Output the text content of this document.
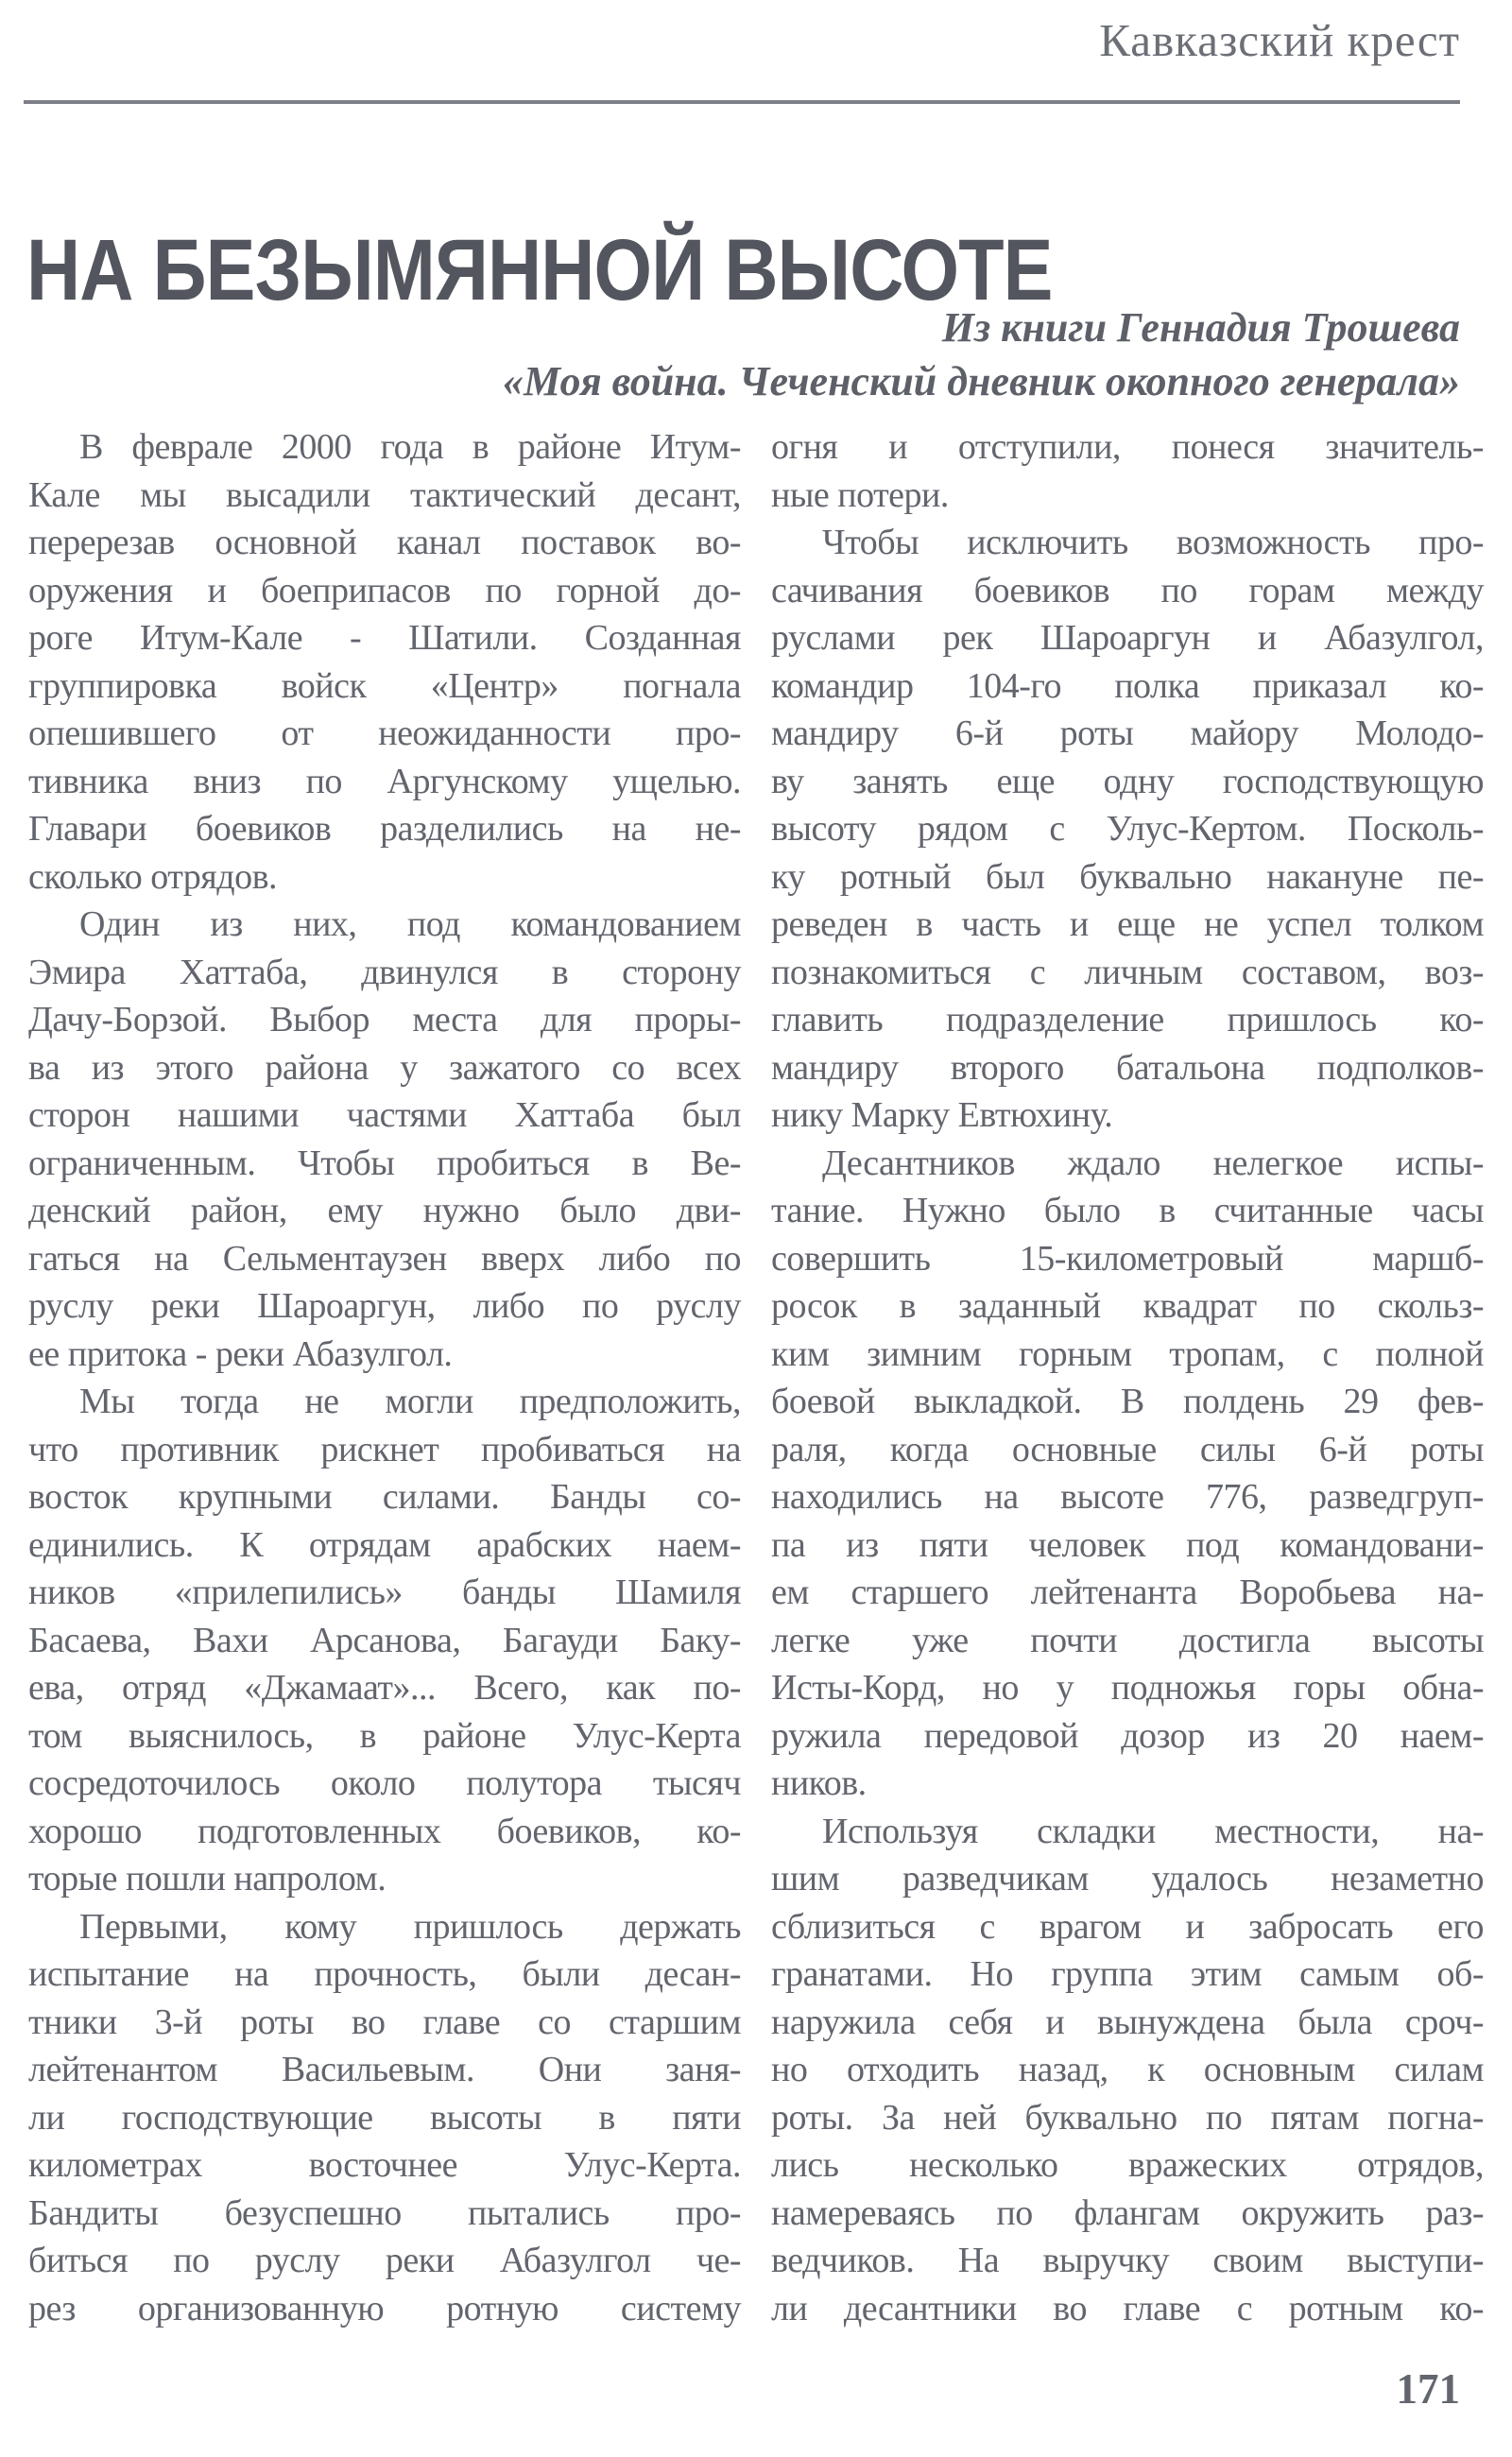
Кавказский крест
НА БЕЗЫМЯННОЙ ВЫСОТЕ
Из книги Геннадия Трошева
«Моя война. Чеченский дневник окопного генерала»
В феврале 2000 года в районе Итум-
Кале мы высадили тактический десант,
перерезав основной канал поставок во-
оружения и боеприпасов по горной до-
роге Итум-Кале - Шатили. Созданная
группировка войск «Центр» погнала
опешившего от неожиданности про-
тивника вниз по Аргунскому ущелью.
Главари боевиков разделились на не-
сколько отрядов.
Один из них, под командованием
Эмира Хаттаба, двинулся в сторону
Дачу-Борзой. Выбор места для проры-
ва из этого района у зажатого со всех
сторон нашими частями Хаттаба был
ограниченным. Чтобы пробиться в Ве-
денский район, ему нужно было дви-
гаться на Сельментаузен вверх либо по
руслу реки Шароаргун, либо по руслу
ее притока - реки Абазулгол.
Мы тогда не могли предположить,
что противник рискнет пробиваться на
восток крупными силами. Банды со-
единились. К отрядам арабских наем-
ников «прилепились» банды Шамиля
Басаева, Вахи Арсанова, Багауди Баку-
ева, отряд «Джамаат»... Всего, как по-
том выяснилось, в районе Улус-Керта
сосредоточилось около полутора тысяч
хорошо подготовленных боевиков, ко-
торые пошли напролом.
Первыми, кому пришлось держать
испытание на прочность, были десан-
тники 3-й роты во главе со старшим
лейтенантом Васильевым. Они заня-
ли господствующие высоты в пяти
километрах восточнее Улус-Керта.
Бандиты безуспешно пытались про-
биться по руслу реки Абазулгол че-
рез организованную ротную систему
огня и отступили, понеся значитель-
ные потери.
Чтобы исключить возможность про-
сачивания боевиков по горам между
руслами рек Шароаргун и Абазулгол,
командир 104-го полка приказал ко-
мандиру 6-й роты майору Молодо-
ву занять еще одну господствующую
высоту рядом с Улус-Кертом. Посколь-
ку ротный был буквально накануне пе-
реведен в часть и еще не успел толком
познакомиться с личным составом, воз-
главить подразделение пришлось ко-
мандиру второго батальона подполков-
нику Марку Евтюхину.
Десантников ждало нелегкое испы-
тание. Нужно было в считанные часы
совершить 15-километровый маршб-
росок в заданный квадрат по скольз-
ким зимним горным тропам, с полной
боевой выкладкой. В полдень 29 фев-
раля, когда основные силы 6-й роты
находились на высоте 776, разведгруп-
па из пяти человек под командовани-
ем старшего лейтенанта Воробьева на-
легке уже почти достигла высоты
Исты-Корд, но у подножья горы обна-
ружила передовой дозор из 20 наем-
ников.
Используя складки местности, на-
шим разведчикам удалось незаметно
сблизиться с врагом и забросать его
гранатами. Но группа этим самым об-
наружила себя и вынуждена была сроч-
но отходить назад, к основным силам
роты. За ней буквально по пятам погна-
лись несколько вражеских отрядов,
намереваясь по флангам окружить раз-
ведчиков. На выручку своим выступи-
ли десантники во главе с ротным ко-
171
